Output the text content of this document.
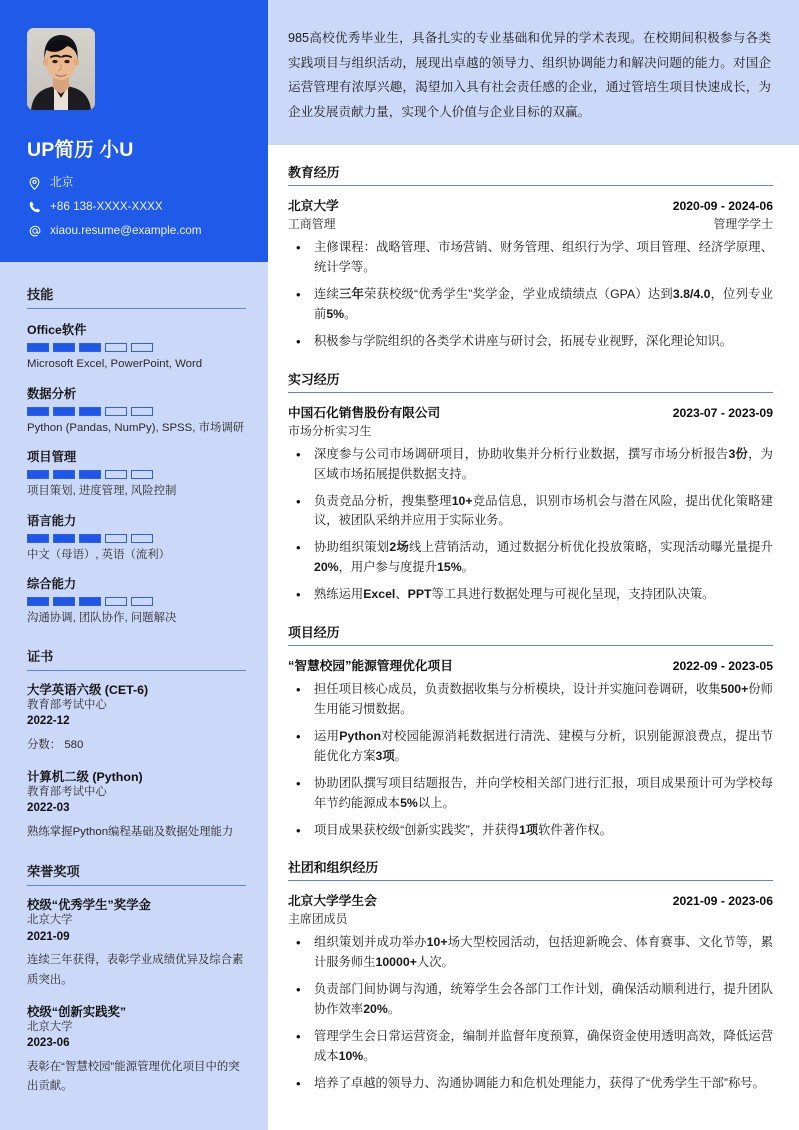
UP简历 小U
北京
+86 138-XXXX-XXXX
xiaou.resume@example.com
技能
Office软件
Microsoft Excel, PowerPoint, Word
数据分析
Python (Pandas, NumPy), SPSS, 市场调研
项目管理
项目策划, 进度管理, 风险控制
语言能力
中文（母语）, 英语（流利）
综合能力
沟通协调, 团队协作, 问题解决
证书
大学英语六级 (CET-6)
教育部考试中心
2022-12
分数： 580
计算机二级 (Python)
教育部考试中心
2022-03
熟练掌握Python编程基础及数据处理能力
荣誉奖项
校级“优秀学生”奖学金
北京大学
2021-09
连续三年获得，表彰学业成绩优异及综合素质突出。
校级“创新实践奖”
北京大学
2023-06
表彰在“智慧校园”能源管理优化项目中的突出贡献。

985高校优秀毕业生，具备扎实的专业基础和优异的学术表现。在校期间积极参与各类实践项目与组织活动，展现出卓越的领导力、组织协调能力和解决问题的能力。对国企运营管理有浓厚兴趣，渴望加入具有社会责任感的企业，通过管培生项目快速成长，为企业发展贡献力量，实现个人价值与企业目标的双赢。

教育经历
北京大学	2020-09 - 2024-06
工商管理	管理学学士
• 主修课程：战略管理、市场营销、财务管理、组织行为学、项目管理、经济学原理、统计学等。
• 连续三年荣获校级“优秀学生”奖学金，学业成绩绩点（GPA）达到3.8/4.0，位列专业前5%。
• 积极参与学院组织的各类学术讲座与研讨会，拓展专业视野，深化理论知识。
实习经历
中国石化销售股份有限公司	2023-07 - 2023-09
市场分析实习生
• 深度参与公司市场调研项目，协助收集并分析行业数据，撰写市场分析报告3份，为区域市场拓展提供数据支持。
• 负责竞品分析，搜集整理10+竞品信息，识别市场机会与潜在风险，提出优化策略建议，被团队采纳并应用于实际业务。
• 协助组织策划2场线上营销活动，通过数据分析优化投放策略，实现活动曝光量提升20%，用户参与度提升15%。
• 熟练运用Excel、PPT等工具进行数据处理与可视化呈现，支持团队决策。
项目经历
“智慧校园”能源管理优化项目	2022-09 - 2023-05
• 担任项目核心成员，负责数据收集与分析模块，设计并实施问卷调研，收集500+份师生用能习惯数据。
• 运用Python对校园能源消耗数据进行清洗、建模与分析，识别能源浪费点，提出节能优化方案3项。
• 协助团队撰写项目结题报告，并向学校相关部门进行汇报，项目成果预计可为学校每年节约能源成本5%以上。
• 项目成果获校级“创新实践奖”，并获得1项软件著作权。
社团和组织经历
北京大学学生会	2021-09 - 2023-06
主席团成员
• 组织策划并成功举办10+场大型校园活动，包括迎新晚会、体育赛事、文化节等，累计服务师生10000+人次。
• 负责部门间协调与沟通，统筹学生会各部门工作计划，确保活动顺利进行，提升团队协作效率20%。
• 管理学生会日常运营资金，编制并监督年度预算，确保资金使用透明高效，降低运营成本10%。
• 培养了卓越的领导力、沟通协调能力和危机处理能力，获得了“优秀学生干部”称号。
